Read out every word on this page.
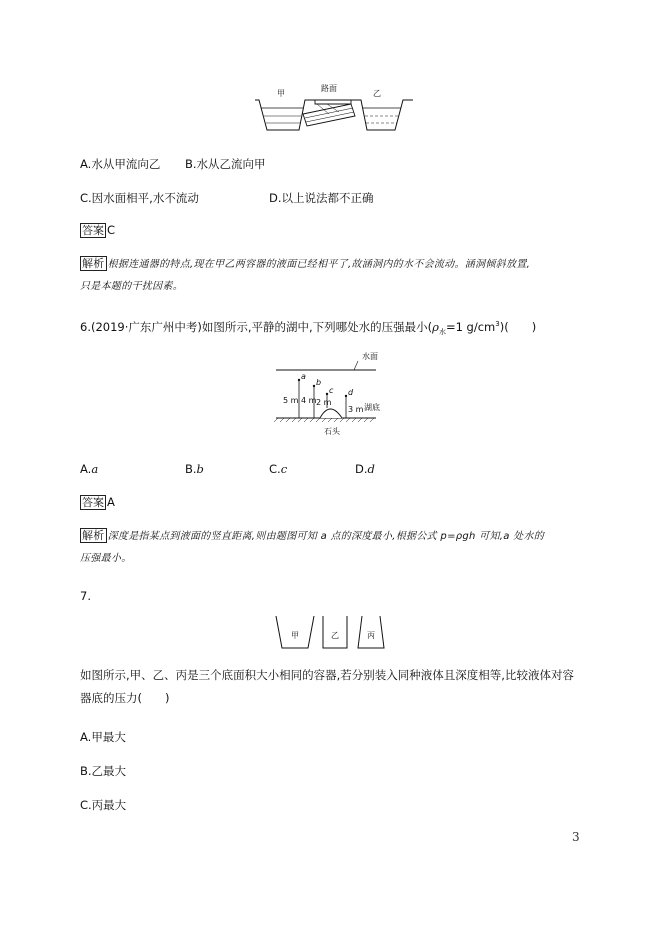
甲
路面
乙
A.水从甲流向乙 B.水从乙流向甲
C.因水面相平,水不流动	D.以上说法都不正确
答案 C
解析 根据连通器的特点,现在甲乙两容器的液面已经相平了,故涵洞内的水不会流动。涵洞倾斜放置,
只是本题的干扰因素。
6.(2019·广东广州中考)如图所示,平静的湖中,下列哪处水的压强最小($\rho_水=1$ $g/cm^3$)(　　)
水面
a
b
c d
5 m 4 m 2 m
3 m 湖底
石头
A.a	B.b	C.c	D.d
答案 A
解析 深度是指某点到液面的竖直距离,则由题图可知 a 点的深度最小,根据公式 p=ρgh 可知,a 处水的
压强最小。
7.
甲	乙	丙
如图所示,甲、乙、丙是三个底面积大小相同的容器,若分别装入同种液体且深度相等,比较液体对容
器底的压力(　　)
A.甲最大
B.乙最大
C.丙最大
3
